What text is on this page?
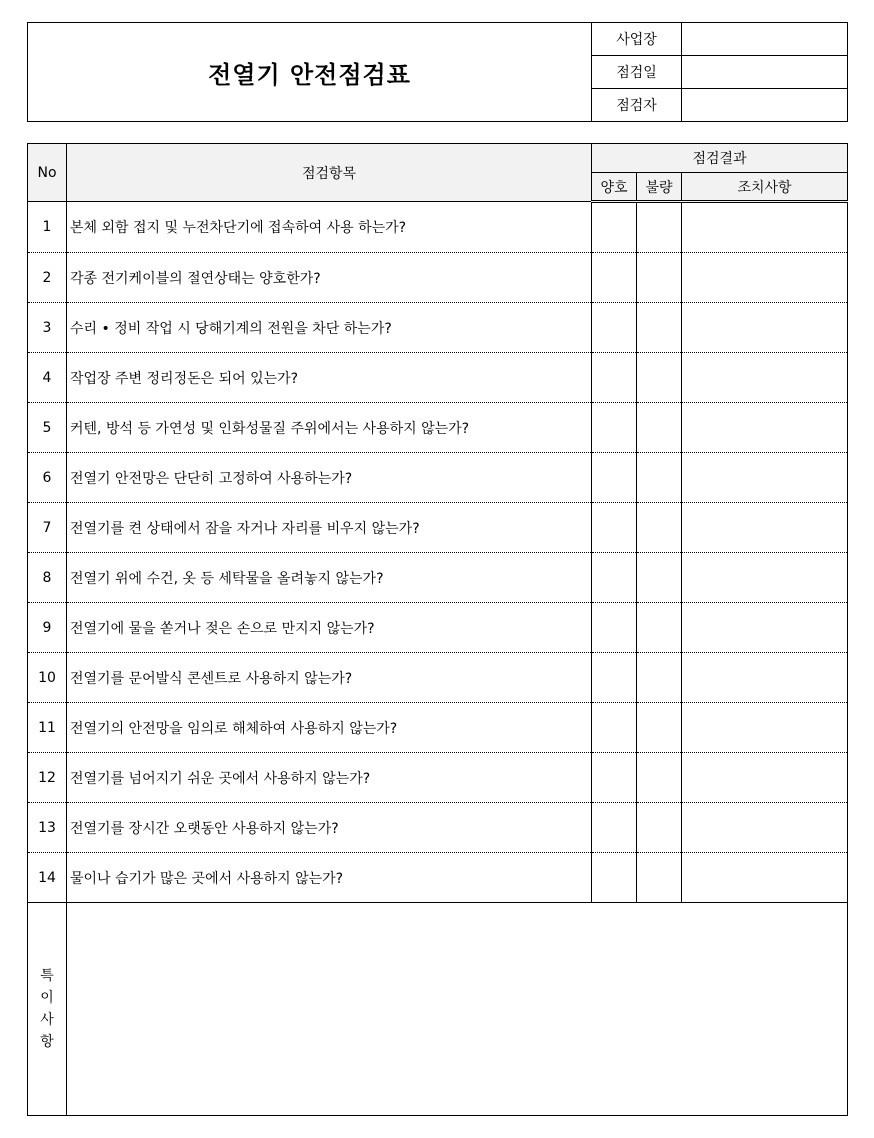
전열기 안전점검표	사업장	
	점검일	
	점검자	
No	점검항목	점검결과		
		양호	불량	조치사항
1	본체 외함 접지 및 누전차단기에 접속하여 사용 하는가?			
2	각종 전기케이블의 절연상태는 양호한가?			
3	수리 • 정비 작업 시 당해기계의 전원을 차단 하는가?			
4	작업장 주변 정리정돈은 되어 있는가?			
5	커텐, 방석 등 가연성 및 인화성물질 주위에서는 사용하지 않는가?			
6	전열기 안전망은 단단히 고정하여 사용하는가?			
7	전열기를 켠 상태에서 잠을 자거나 자리를 비우지 않는가?			
8	전열기 위에 수건, 옷 등 세탁물을 올려놓지 않는가?			
9	전열기에 물을 쏟거나 젖은 손으로 만지지 않는가?			
10	전열기를 문어발식 콘센트로 사용하지 않는가?			
11	전열기의 안전망을 임의로 해체하여 사용하지 않는가?			
12	전열기를 넘어지기 쉬운 곳에서 사용하지 않는가?			
13	전열기를 장시간 오랫동안 사용하지 않는가?			
14	물이나 습기가 많은 곳에서 사용하지 않는가?			

특
이
사
항				
